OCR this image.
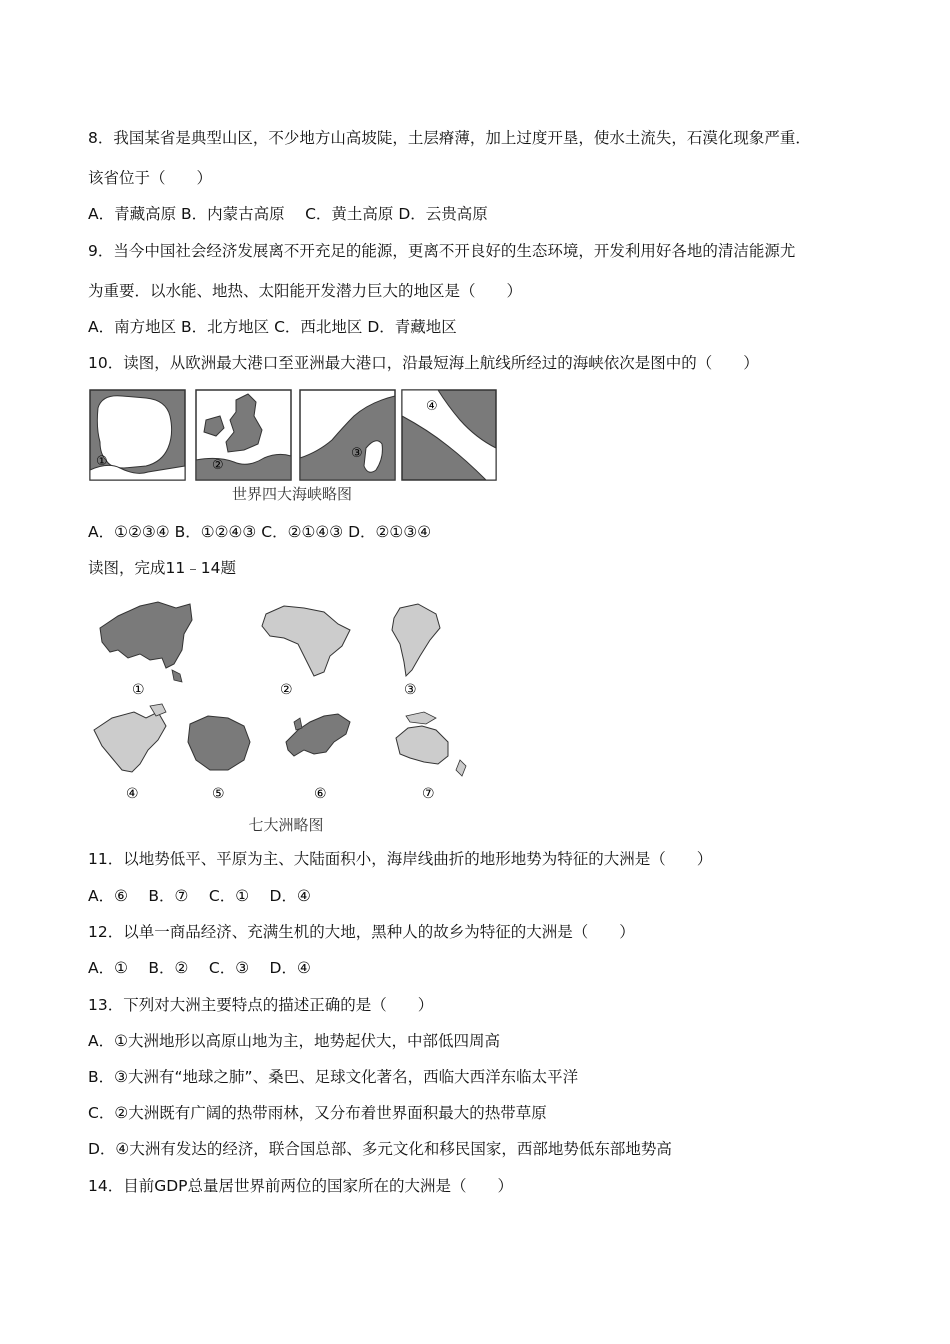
8．我国某省是典型山区，不少地方山高坡陡，土层瘠薄，加上过度开垦，使水土流失，石漠化现象严重．
该省位于（　　）
A．青藏高原 B．内蒙古高原　 C．黄土高原 D．云贵高原
9．当今中国社会经济发展离不开充足的能源，更离不开良好的生态环境，开发利用好各地的清洁能源尤
为重要．以水能、地热、太阳能开发潜力巨大的地区是（　　）
A．南方地区 B．北方地区 C．西北地区 D．青藏地区
10．读图，从欧洲最大港口至亚洲最大港口，沿最短海上航线所经过的海峡依次是图中的（　　）
①	②
③
④
世界四大海峡略图
A．①②③④ B．①②④③ C．②①④③ D．②①③④
读图，完成11﹣14题
①	②	③
④	⑤	⑥	⑦
七大洲略图
11．以地势低平、平原为主、大陆面积小，海岸线曲折的地形地势为特征的大洲是（　　）
A．⑥　 B．⑦　 C．①　 D．④
12．以单一商品经济、充满生机的大地，黑种人的故乡为特征的大洲是（　　）
A．①　 B．②　 C．③　 D．④
13．下列对大洲主要特点的描述正确的是（　　）
A．①大洲地形以高原山地为主，地势起伏大，中部低四周高
B．③大洲有“地球之肺”、桑巴、足球文化著名，西临大西洋东临太平洋
C．②大洲既有广阔的热带雨林，又分布着世界面积最大的热带草原
D．④大洲有发达的经济，联合国总部、多元文化和移民国家，西部地势低东部地势高
14．目前GDP总量居世界前两位的国家所在的大洲是（　　）
